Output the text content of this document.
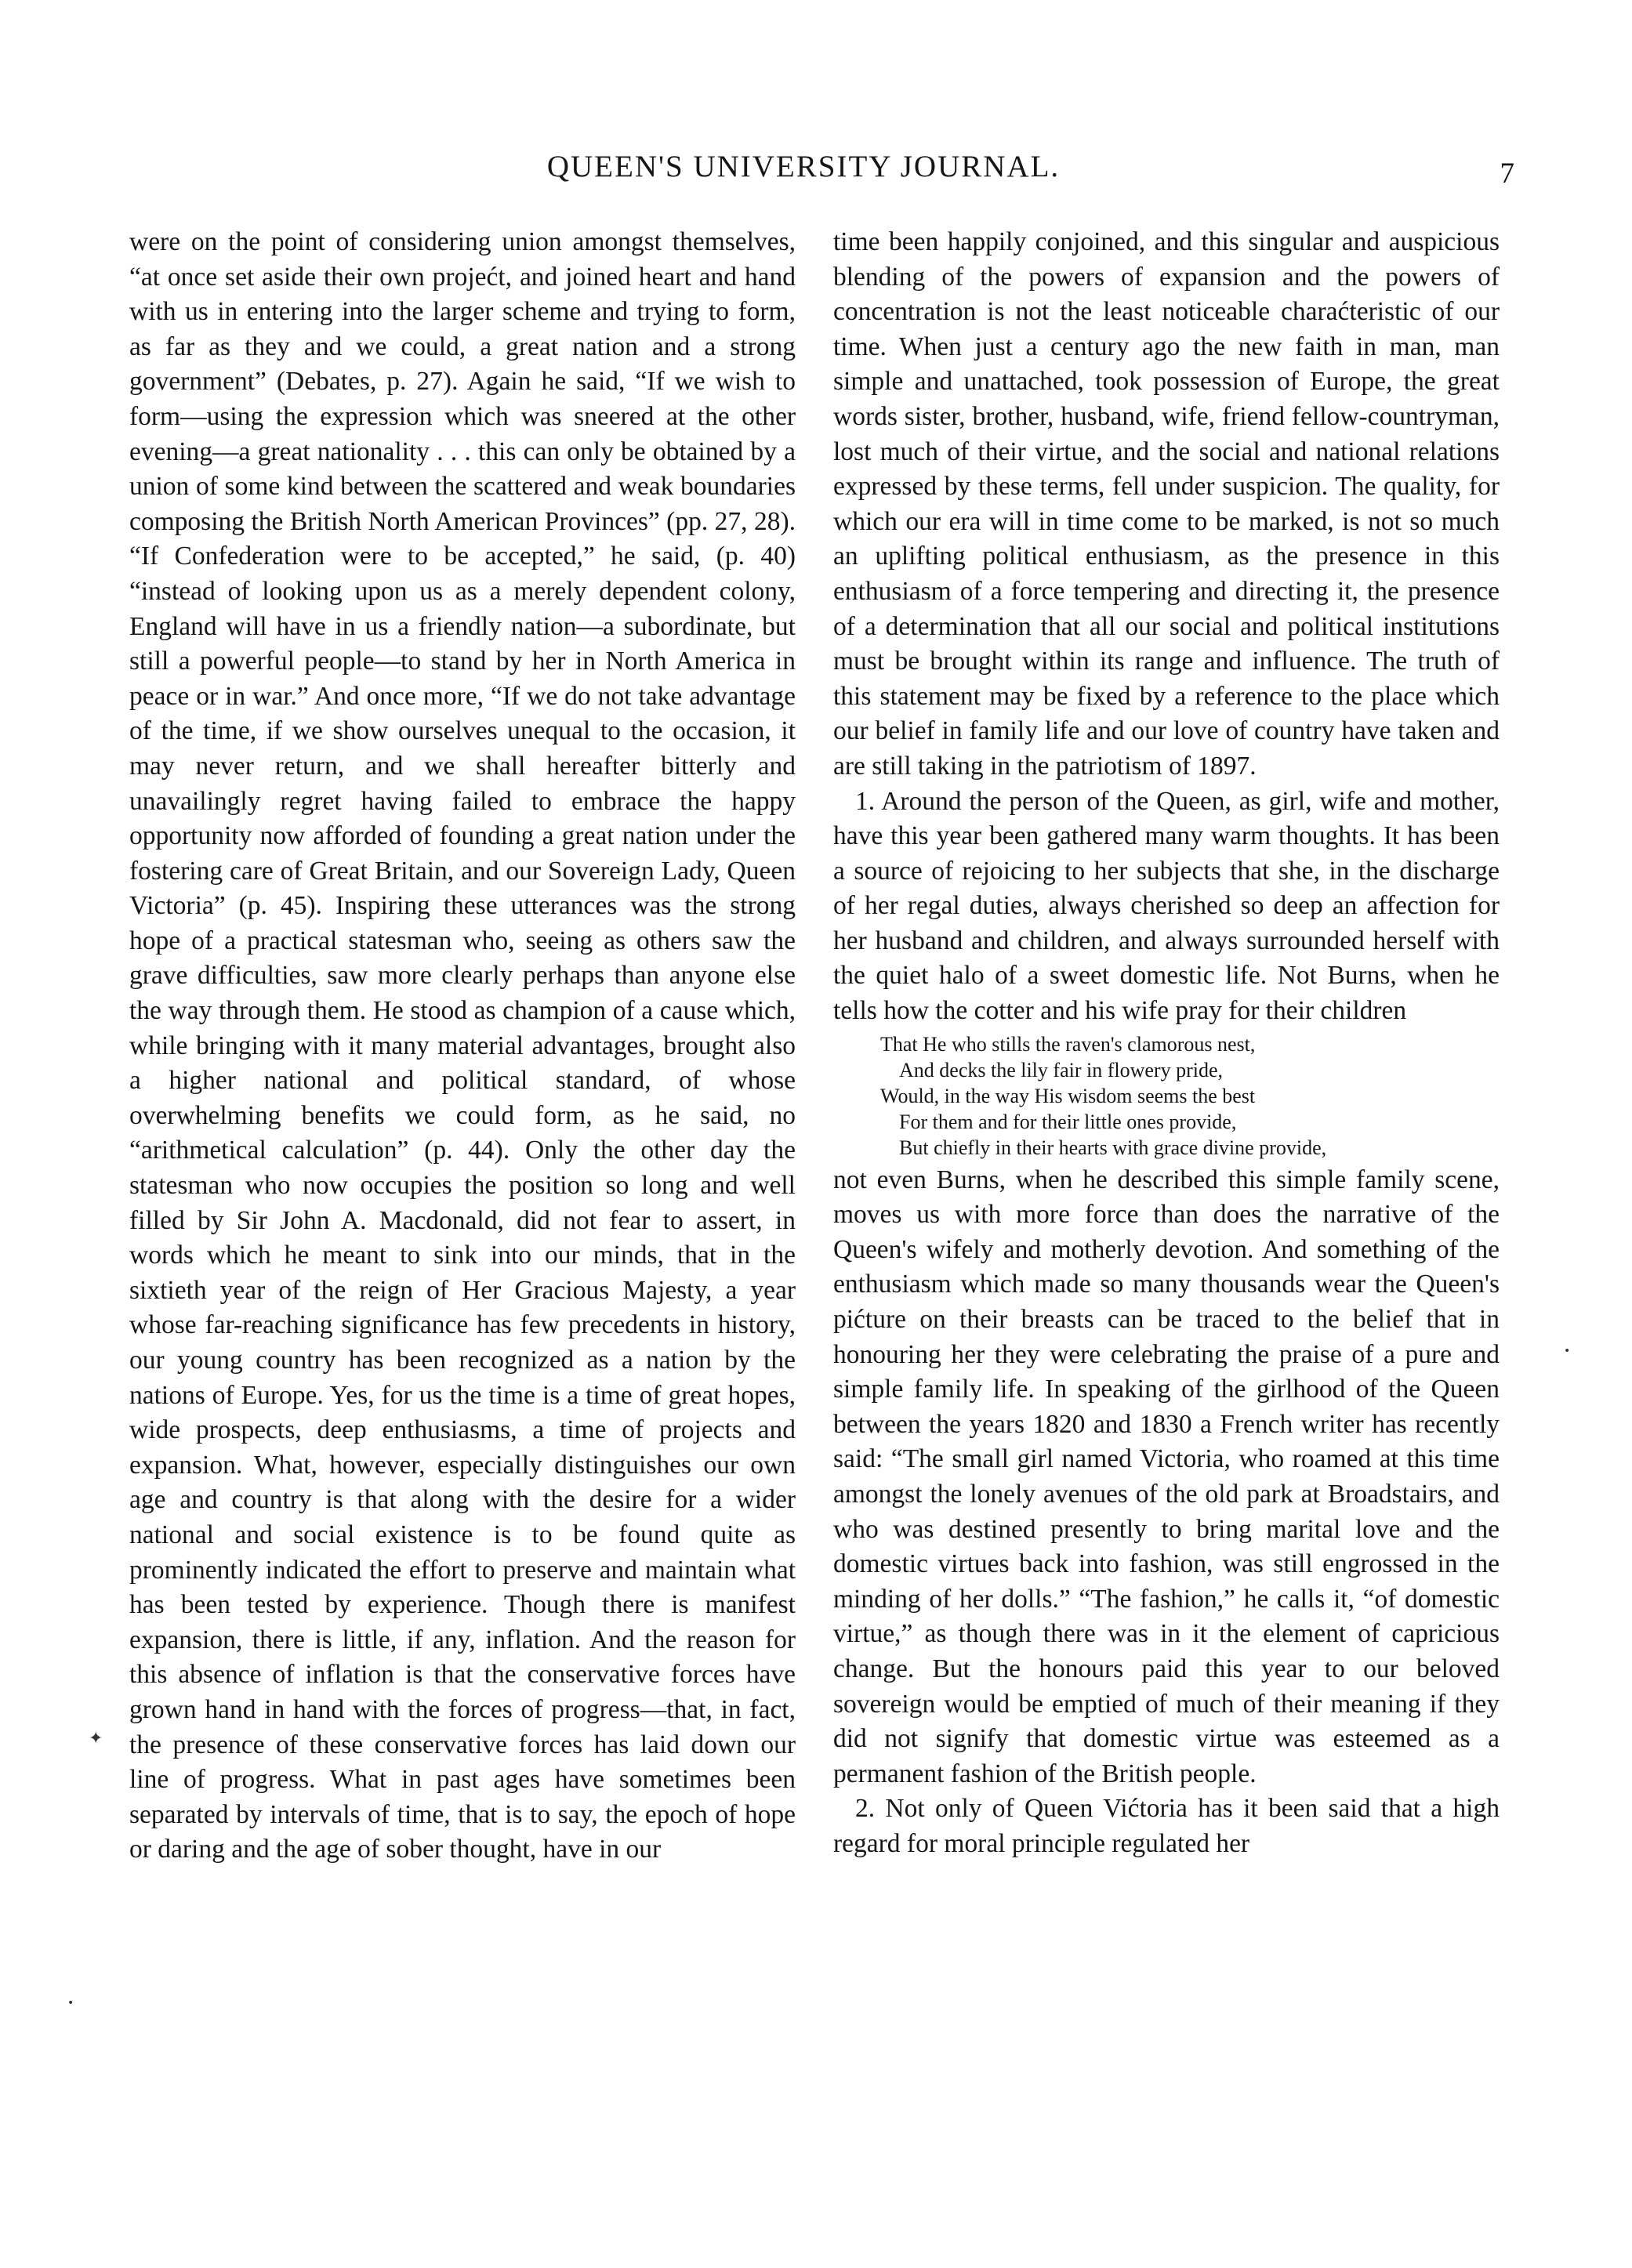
QUEEN'S UNIVERSITY JOURNAL.	7

were on the point of considering union amongst themselves, “at once set aside their own projećt, and joined heart and hand with us in entering into the larger scheme and trying to form, as far as they and we could, a great nation and a strong government” (Debates, p. 27). Again he said, “If we wish to form—using the expression which was sneered at the other evening—a great nationality . . . this can only be obtained by a union of some kind between the scattered and weak boundaries composing the British North American Provinces” (pp. 27, 28). “If Confederation were to be accepted,” he said, (p. 40) “instead of looking upon us as a merely dependent colony, England will have in us a friendly nation—a subordinate, but still a powerful people—to stand by her in North America in peace or in war.” And once more, “If we do not take advantage of the time, if we show ourselves unequal to the occasion, it may never return, and we shall hereafter bitterly and unavailingly regret having failed to embrace the happy opportunity now afforded of founding a great nation under the fostering care of Great Britain, and our Sovereign Lady, Queen Victoria” (p. 45). Inspiring these utterances was the strong hope of a practical statesman who, seeing as others saw the grave difficulties, saw more clearly perhaps than anyone else the way through them. He stood as champion of a cause which, while bringing with it many material advantages, brought also a higher national and political standard, of whose overwhelming benefits we could form, as he said, no “arithmetical calculation” (p. 44). Only the other day the statesman who now occupies the position so long and well filled by Sir John A. Macdonald, did not fear to assert, in words which he meant to sink into our minds, that in the sixtieth year of the reign of Her Gracious Majesty, a year whose far-reaching significance has few precedents in history, our young country has been recognized as a nation by the nations of Europe. Yes, for us the time is a time of great hopes, wide prospects, deep enthusiasms, a time of projects and expansion. What, however, especially distinguishes our own age and country is that along with the desire for a wider national and social existence is to be found quite as prominently indicated the effort to preserve and maintain what has been tested by experience. Though there is manifest expansion, there is little, if any, inflation. And the reason for this absence of inflation is that the conservative forces have grown hand in hand with the forces of progress—that, in fact, the presence of these conservative forces has laid down our line of progress. What in past ages have sometimes been separated by intervals of time, that is to say, the epoch of hope or daring and the age of sober thought, have in our

time been happily conjoined, and this singular and auspicious blending of the powers of expansion and the powers of concentration is not the least noticeable charaćteristic of our time. When just a century ago the new faith in man, man simple and unattached, took possession of Europe, the great words sister, brother, husband, wife, friend fellow-countryman, lost much of their virtue, and the social and national relations expressed by these terms, fell under suspicion. The quality, for which our era will in time come to be marked, is not so much an uplifting political enthusiasm, as the presence in this enthusiasm of a force tempering and directing it, the presence of a determination that all our social and political institutions must be brought within its range and influence. The truth of this statement may be fixed by a reference to the place which our belief in family life and our love of country have taken and are still taking in the patriotism of 1897.

1. Around the person of the Queen, as girl, wife and mother, have this year been gathered many warm thoughts. It has been a source of rejoicing to her subjects that she, in the discharge of her regal duties, always cherished so deep an affection for her husband and children, and always surrounded herself with the quiet halo of a sweet domestic life. Not Burns, when he tells how the cotter and his wife pray for their children

That He who stills the raven's clamorous nest,
And decks the lily fair in flowery pride,
Would, in the way His wisdom seems the best
For them and for their little ones provide,
But chiefly in their hearts with grace divine provide,

not even Burns, when he described this simple family scene, moves us with more force than does the narrative of the Queen's wifely and motherly devotion. And something of the enthusiasm which made so many thousands wear the Queen's pićture on their breasts can be traced to the belief that in honouring her they were celebrating the praise of a pure and simple family life. In speaking of the girlhood of the Queen between the years 1820 and 1830 a French writer has recently said: “The small girl named Victoria, who roamed at this time amongst the lonely avenues of the old park at Broadstairs, and who was destined presently to bring marital love and the domestic virtues back into fashion, was still engrossed in the minding of her dolls.” “The fashion,” he calls it, “of domestic virtue,” as though there was in it the element of capricious change. But the honours paid this year to our beloved sovereign would be emptied of much of their meaning if they did not signify that domestic virtue was esteemed as a permanent fashion of the British people.

2. Not only of Queen Vićtoria has it been said that a high regard for moral principle regulated her

✦
•
•
